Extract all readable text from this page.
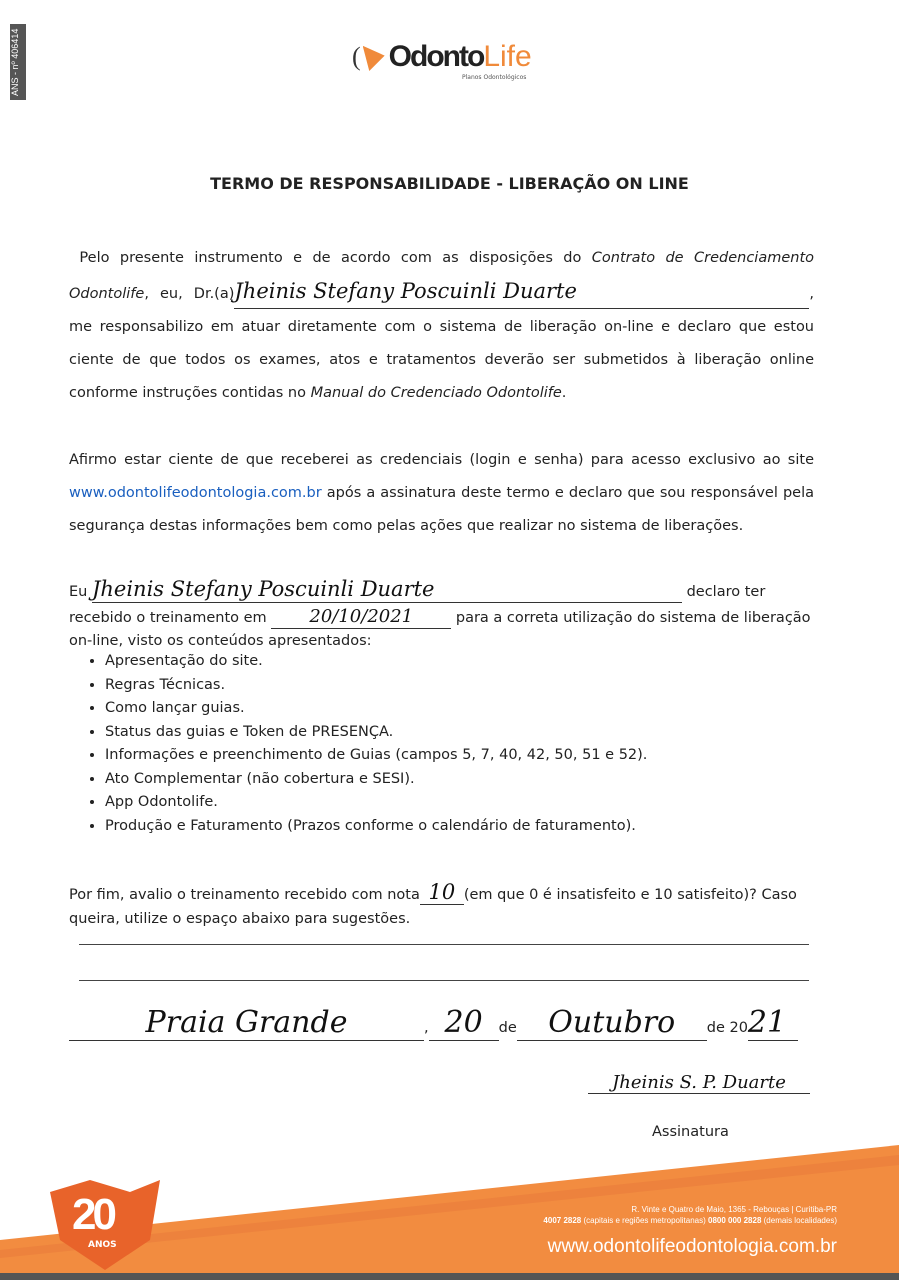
ANS - nº 406414	( Odonto Life
Planos Odontológicos
TERMO DE RESPONSABILIDADE - LIBERAÇÃO ON LINE
Pelo presente instrumento e de acordo com as disposições do Contrato de Credenciamento Odontolife, eu, Dr.(a)Jheinis Stefany Poscuinli Duarte	, me responsabilizo em atuar diretamente com o sistema de liberação on-line e declaro que estou ciente de que todos os exames, atos e tratamentos deverão ser submetidos à liberação online conforme instruções contidas no Manual do Credenciado Odontolife.
Afirmo estar ciente de que receberei as credenciais (login e senha) para acesso exclusivo ao site www.odontolifeodontologia.com.br após a assinatura deste termo e declaro que sou responsável pela segurança destas informações bem como pelas ações que realizar no sistema de liberações.
Eu Jheinis Stefany Poscuinli Duarte	declaro ter
recebido o treinamento em 20/10/2021	para a correta utilização do sistema de liberação on-line, visto os conteúdos apresentados:
• Apresentação do site.
• Regras Técnicas.
• Como lançar guias.
• Status das guias e Token de PRESENÇA.
• Informações e preenchimento de Guias (campos 5, 7, 40, 42, 50, 51 e 52).
• Ato Complementar (não cobertura e SESI).
• App Odontolife.
• Produção e Faturamento (Prazos conforme o calendário de faturamento).
Por fim, avalio o treinamento recebido com nota 10 (em que 0 é insatisfeito e 10 satisfeito)? Caso queira, utilize o espaço abaixo para sugestões.
Praia Grande	, 20 de Outubro de 2021
Jheinis S. P. Duarte
Assinatura
20
ANOS
R. Vinte e Quatro de Maio, 1365 - Rebouças | Curitiba-PR
4007 2828 (capitais e regiões metropolitanas) 0800 000 2828 (demais localidades)
www.odontolifeodontologia.com.br
